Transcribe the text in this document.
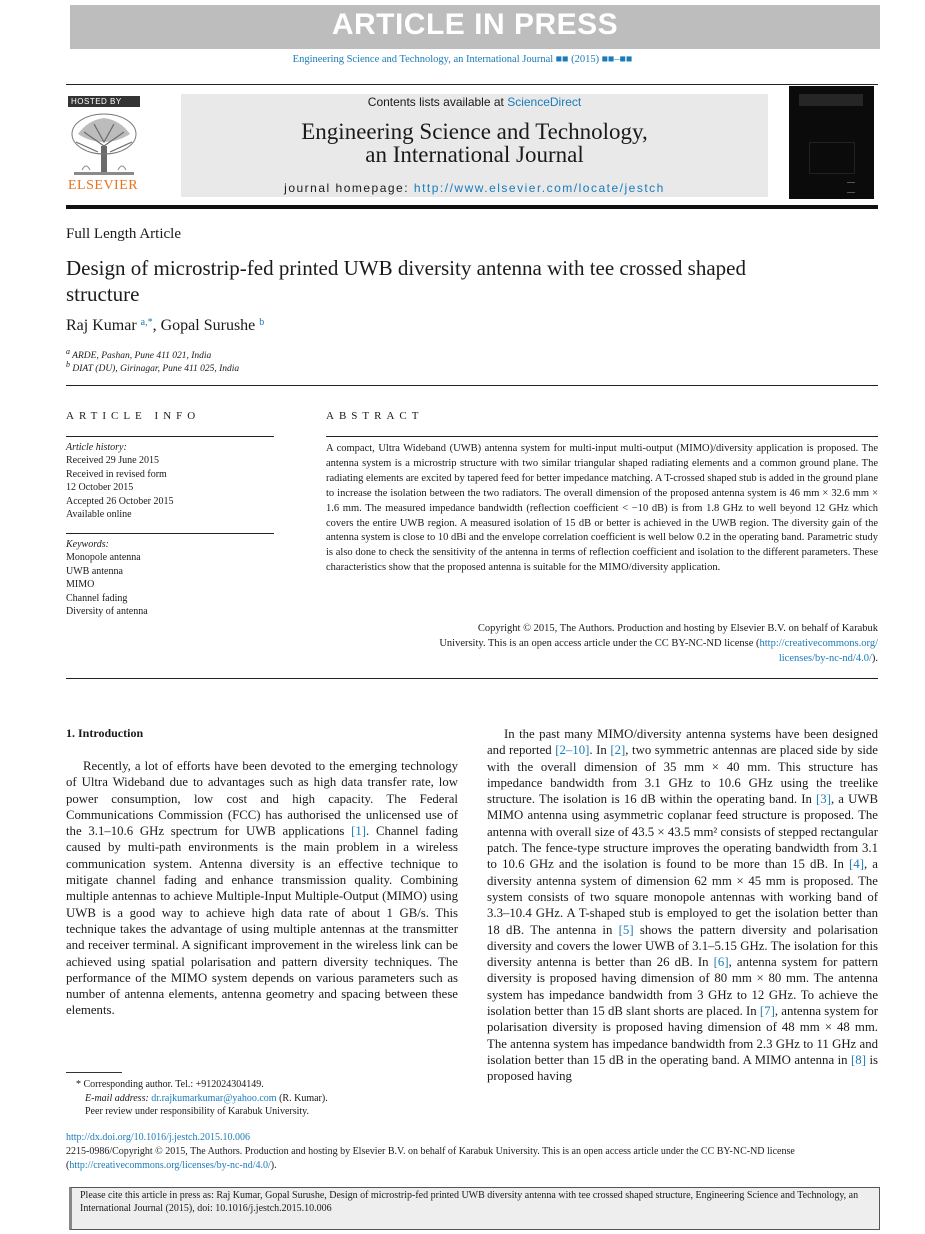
ARTICLE IN PRESS
Engineering Science and Technology, an International Journal ■■ (2015) ■■–■■
HOSTED BY
ELSEVIER
Contents lists available at ScienceDirect
Engineering Science and Technology,
an International Journal
journal homepage: http://www.elsevier.com/locate/jestch
Full Length Article
Design of microstrip-fed printed UWB diversity antenna with tee crossed shaped structure
Raj Kumar $^{a,*}$, Gopal Surushe $^b$
$^a$ ARDE, Pashan, Pune 411 021, India
$^b$ DIAT (DU), Girinagar, Pune 411 025, India
ARTICLE INFO
Article history:
Received 29 June 2015
Received in revised form
12 October 2015
Accepted 26 October 2015
Available online
Keywords:
Monopole antenna
UWB antenna
MIMO
Channel fading
Diversity of antenna
ABSTRACT
A compact, Ultra Wideband (UWB) antenna system for multi-input multi-output (MIMO)/diversity application is proposed. The antenna system is a microstrip structure with two similar triangular shaped radiating elements and a common ground plane. The radiating elements are excited by tapered feed for better impedance matching. A T-crossed shaped stub is added in the ground plane to increase the isolation between the two radiators. The overall dimension of the proposed antenna system is 46 mm × 32.6 mm × 1.6 mm. The measured impedance bandwidth (reflection coefficient < −10 dB) is from 1.8 GHz to well beyond 12 GHz which covers the entire UWB region. A measured isolation of 15 dB or better is achieved in the UWB region. The diversity gain of the antenna system is close to 10 dBi and the envelope correlation coefficient is well below 0.2 in the operating band. Parametric study is also done to check the sensitivity of the antenna in terms of reflection coefficient and isolation to the different parameters. These characteristics show that the proposed antenna is suitable for the MIMO/diversity application.
Copyright © 2015, The Authors. Production and hosting by Elsevier B.V. on behalf of Karabuk
University. This is an open access article under the CC BY-NC-ND license (http://creativecommons.org/
licenses/by-nc-nd/4.0/).
1. Introduction

Recently, a lot of efforts have been devoted to the emerging technology of Ultra Wideband due to advantages such as high data transfer rate, low power consumption, low cost and high capacity. The Federal Communications Commission (FCC) has authorised the unlicensed use of the 3.1–10.6 GHz spectrum for UWB applications [1]. Channel fading caused by multi-path environments is the main problem in a wireless communication system. Antenna diversity is an effective technique to mitigate channel fading and enhance transmission quality. Combining multiple antennas to achieve Multiple-Input Multiple-Output (MIMO) using UWB is a good way to achieve high data rate of about 1 GB/s. This technique takes the advantage of using multiple antennas at the transmitter and receiver terminal. A significant improvement in the wireless link can be achieved using spatial polarisation and pattern diversity techniques. The performance of the MIMO system depends on various parameters such as number of antenna elements, antenna geometry and spacing between these elements.

In the past many MIMO/diversity antenna systems have been designed and reported [2–10]. In [2], two symmetric antennas are placed side by side with the overall dimension of 35 mm × 40 mm. This structure has impedance bandwidth from 3.1 GHz to 10.6 GHz using the treelike structure. The isolation is 16 dB within the operating band. In [3], a UWB MIMO antenna using asymmetric coplanar feed structure is proposed. The antenna with overall size of 43.5 × 43.5 mm² consists of stepped rectangular patch. The fence-type structure improves the operating bandwidth from 3.1 to 10.6 GHz and the isolation is found to be more than 15 dB. In [4], a diversity antenna system of dimension 62 mm × 45 mm is proposed. The system consists of two square monopole antennas with working band of 3.3–10.4 GHz. A T-shaped stub is employed to get the isolation better than 18 dB. The antenna in [5] shows the pattern diversity and polarisation diversity and covers the lower UWB of 3.1–5.15 GHz. The isolation for this diversity antenna is better than 26 dB. In [6], antenna system for pattern diversity is proposed having dimension of 80 mm × 80 mm. The antenna system has impedance bandwidth from 3 GHz to 12 GHz. To achieve the isolation better than 15 dB slant shorts are placed. In [7], antenna system for polarisation diversity is proposed having dimension of 48 mm × 48 mm. The antenna system has impedance bandwidth from 2.3 GHz to 11 GHz and isolation better than 15 dB in the operating band. A MIMO antenna in [8] is proposed having

* Corresponding author. Tel.: +912024304149.
E-mail address: dr.rajkumarkumar@yahoo.com (R. Kumar).
Peer review under responsibility of Karabuk University.
http://dx.doi.org/10.1016/j.jestch.2015.10.006
2215-0986/Copyright © 2015, The Authors. Production and hosting by Elsevier B.V. on behalf of Karabuk University. This is an open access article under the CC BY-NC-ND license (http://creativecommons.org/licenses/by-nc-nd/4.0/).
Please cite this article in press as: Raj Kumar, Gopal Surushe, Design of microstrip-fed printed UWB diversity antenna with tee crossed shaped structure, Engineering Science and Technology, an International Journal (2015), doi: 10.1016/j.jestch.2015.10.006
